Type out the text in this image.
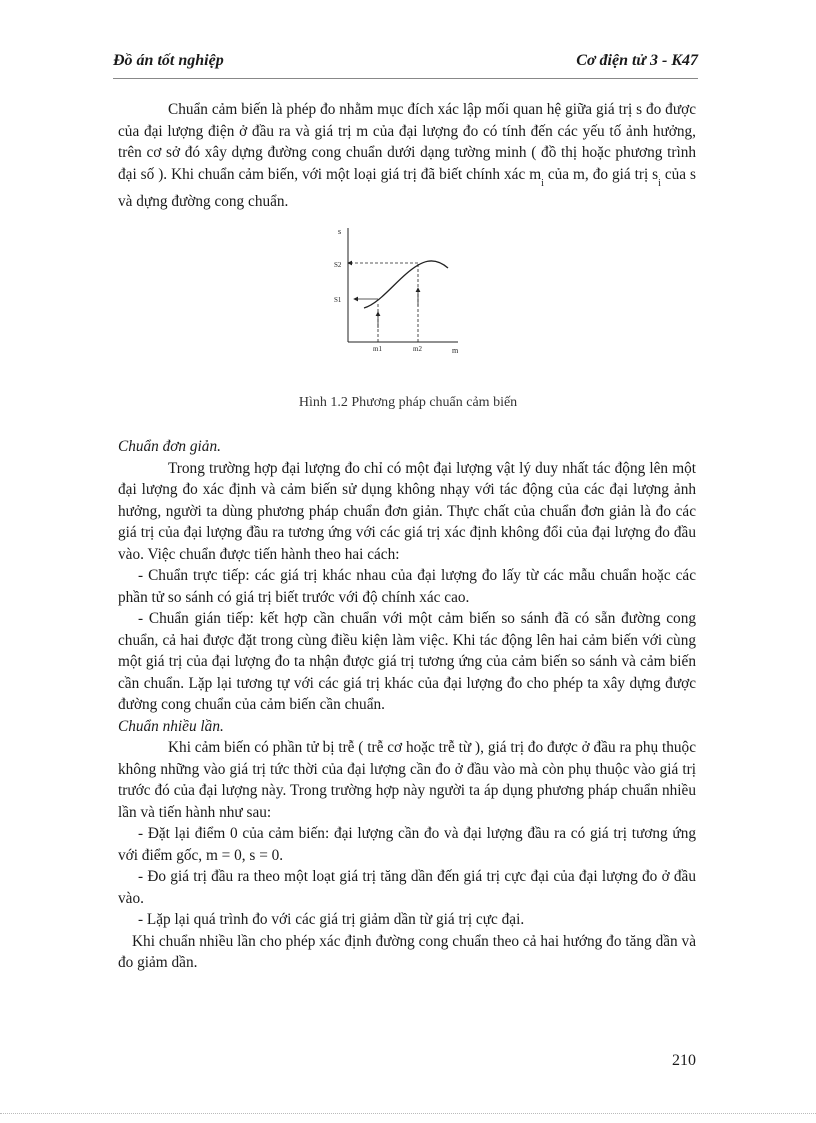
Đồ án tốt nghiệp	Cơ điện tử 3 - K47

Chuẩn cảm biến là phép đo nhằm mục đích xác lập mối quan hệ giữa giá trị s đo được của đại lượng điện ở đầu ra và giá trị m của đại lượng đo có tính đến các yếu tố ảnh hưởng, trên cơ sở đó xây dựng đường cong chuẩn dưới dạng tường minh ( đồ thị hoặc phương trình đại số ). Khi chuẩn cảm biến, với một loại giá trị đã biết chính xác $m_i$ của m, đo giá trị $s_i$ của s và dựng đường cong chuẩn.

s
m
S2
S1
m1	m2
Hình 1.2 Phương pháp chuẩn cảm biến

Chuẩn đơn giản.

Trong trường hợp đại lượng đo chỉ có một đại lượng vật lý duy nhất tác động lên một đại lượng đo xác định và cảm biến sử dụng không nhạy với tác động của các đại lượng ảnh hưởng, người ta dùng phương pháp chuẩn đơn giản. Thực chất của chuẩn đơn giản là đo các giá trị của đại lượng đầu ra tương ứng với các giá trị xác định không đổi của đại lượng đo đầu vào. Việc chuẩn được tiến hành theo hai cách:

- Chuẩn trực tiếp: các giá trị khác nhau của đại lượng đo lấy từ các mẫu chuẩn hoặc các phần tử so sánh có giá trị biết trước với độ chính xác cao.

- Chuẩn gián tiếp: kết hợp cần chuẩn với một cảm biến so sánh đã có sẵn đường cong chuẩn, cả hai được đặt trong cùng điều kiện làm việc. Khi tác động lên hai cảm biến với cùng một giá trị của đại lượng đo ta nhận được giá trị tương ứng của cảm biến so sánh và cảm biến cần chuẩn. Lặp lại tương tự với các giá trị khác của đại lượng đo cho phép ta xây dựng được đường cong chuẩn của cảm biến cần chuẩn.

Chuẩn nhiều lần.

Khi cảm biến có phần tử bị trễ ( trễ cơ hoặc trễ từ ), giá trị đo được ở đầu ra phụ thuộc không những vào giá trị tức thời của đại lượng cần đo ở đầu vào mà còn phụ thuộc vào giá trị trước đó của đại lượng này. Trong trường hợp này người ta áp dụng phương pháp chuẩn nhiều lần và tiến hành như sau:

- Đặt lại điểm 0 của cảm biến: đại lượng cần đo và đại lượng đầu ra có giá trị tương ứng với điểm gốc, m = 0, s = 0.

- Đo giá trị đầu ra theo một loạt giá trị tăng dần đến giá trị cực đại của đại lượng đo ở đầu vào.

- Lặp lại quá trình đo với các giá trị giảm dần từ giá trị cực đại.

Khi chuẩn nhiều lần cho phép xác định đường cong chuẩn theo cả hai hướng đo tăng dần và đo giảm dần.

210
